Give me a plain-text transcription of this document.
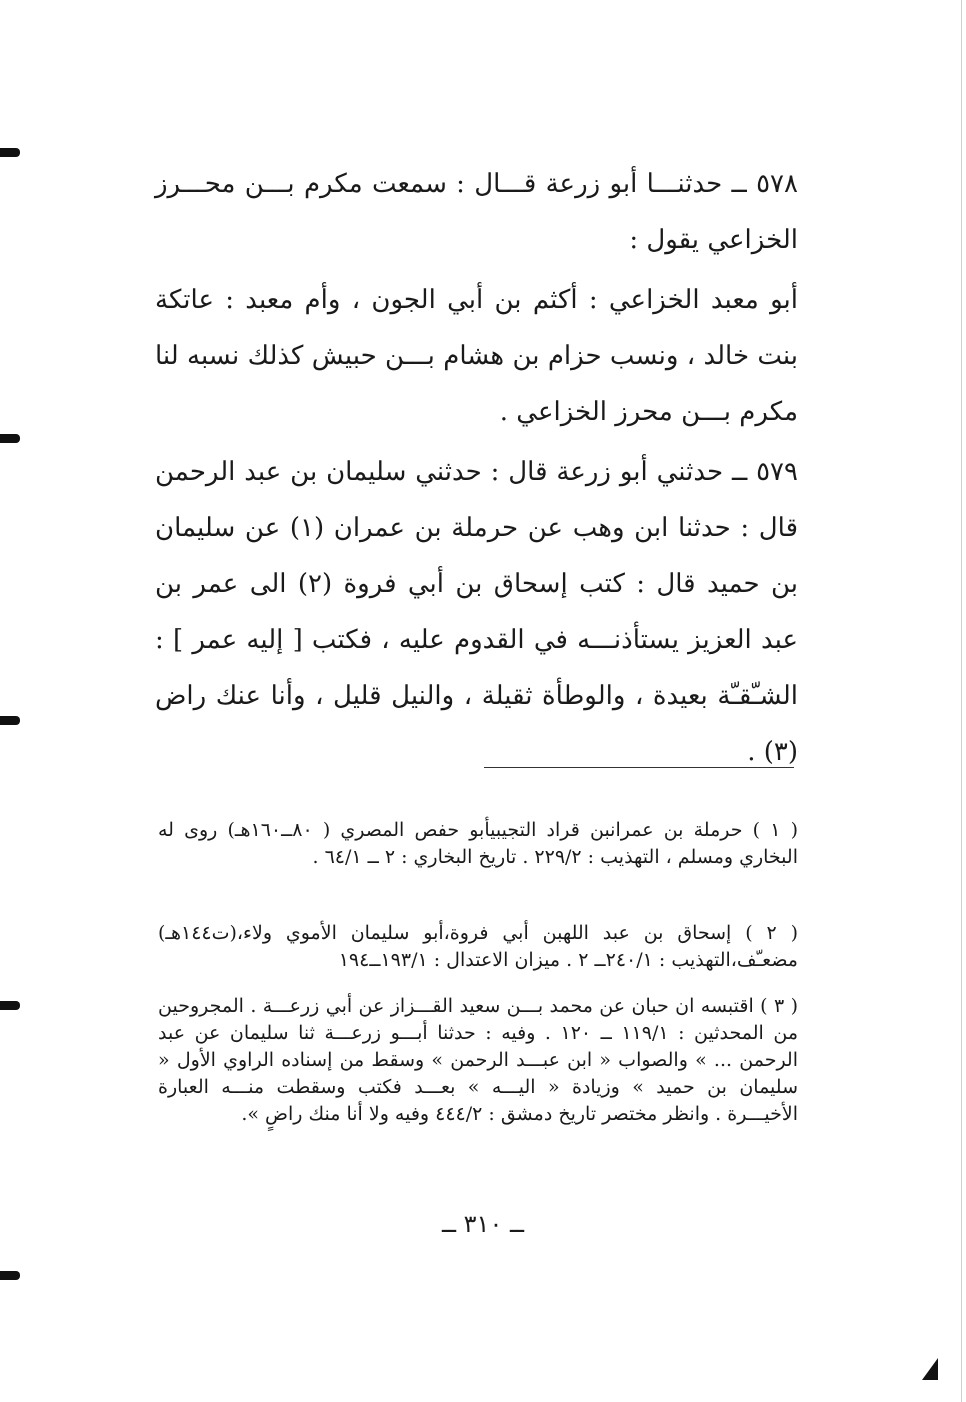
٥٧٨ ــ حدثنـــا أبو زرعة قـــال : سمعت مكرم بـــن محـــرز الخزاعي يقول :

أبو معبد الخزاعي : أكثم بن أبي الجون ، وأم معبد : عاتكة بنت خالد ، ونسب حزام بن هشام بـــن حبيش كذلك نسبه لنا مكرم بـــن محرز الخزاعي .

٥٧٩ ــ حدثني أبو زرعة قال : حدثني سليمان بن عبد الرحمن قال : حدثنا ابن وهب عن حرملة بن عمران (١) عن سليمان بن حميد قال : كتب إسحاق بن أبي فروة (٢) الى عمر بن عبد العزيز يستأذنـــه في القدوم عليه ، فكتب [ إليه عمر ] : الشـّقـّة بعيدة ، والوطأة ثقيلة ، والنيل قليل ، وأنا عنك راض (٣) .

( ١ ) حرملة بن عمرانبن قراد التجيبيأبو حفص المصري ( ٨٠ــ١٦٠هـ) روى له البخاري ومسلم ، التهذيب : ٢٢٩/٢ . تاريخ البخاري : ٢ ــ ٦٤/١ .

( ٢ ) إسحاق بن عبد اللهبن أبي فروة،أبو سليمان الأموي ولاء،(ت١٤٤هـ) مضعـّف،التهذيب : ٢٤٠/١ــ ٢ . ميزان الاعتدال : ١٩٣/١ــ١٩٤

( ٣ ) اقتبسه ان حبان عن محمد بـــن سعيد القـــزاز عن أبي زرعـــة . المجروحين من المحدثين : ١١٩/١ ــ ١٢٠ . وفيه : حدثنا أبـــو زرعـــة ثنا سليمان عن عبد الرحمن ... » والصواب « ابن عبـــد الرحمن » وسقط من إسناده الراوي الأول « سليمان بن حميد » وزيادة « اليـــه » بعـــد فكتب وسقطت منـــه العبارة الأخيـــرة . وانظر مختصر تاريخ دمشق : ٤٤٤/٢ وفيه ولا أنا منك راضٍ ».

ــ ٣١٠ ــ
